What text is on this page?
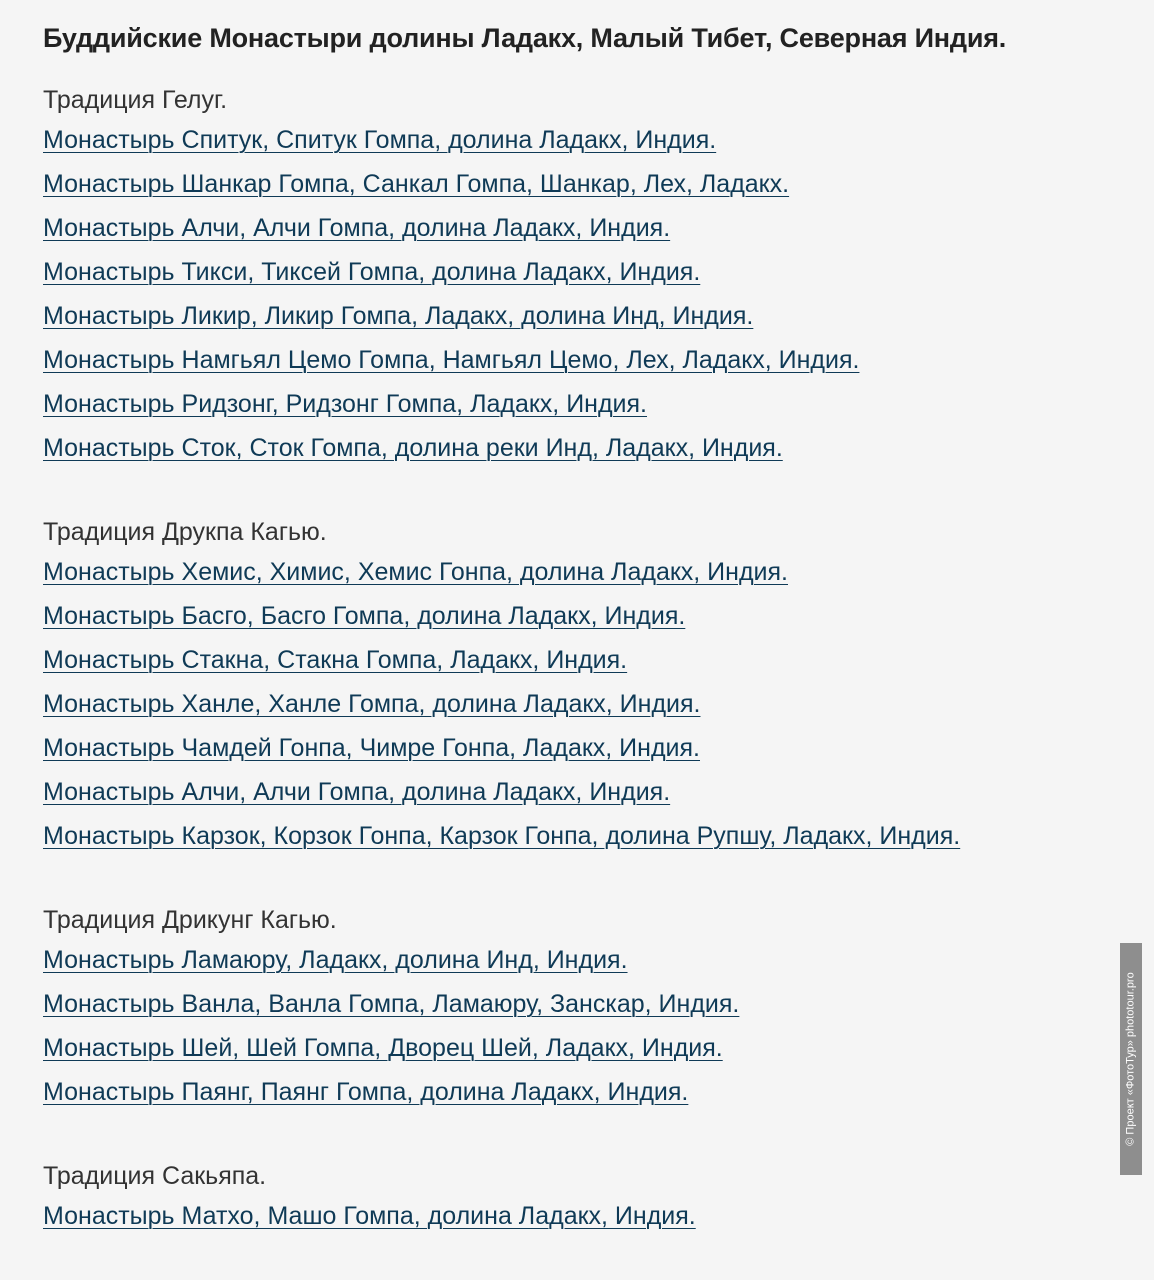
Буддийские Монастыри долины Ладакх, Малый Тибет, Северная Индия.

Традиция Гелуг.

Монастырь Спитук, Спитук Гомпа, долина Ладакх, Индия.
Монастырь Шанкар Гомпа, Санкал Гомпа, Шанкар, Лех, Ладакх.
Монастырь Алчи, Алчи Гомпа, долина Ладакх, Индия.
Монастырь Тикси, Тиксей Гомпа, долина Ладакх, Индия.
Монастырь Ликир, Ликир Гомпа, Ладакх, долина Инд, Индия.
Монастырь Намгьял Цемо Гомпа, Намгьял Цемо, Лех, Ладакх, Индия.
Монастырь Ридзонг, Ридзонг Гомпа, Ладакх, Индия.
Монастырь Сток, Сток Гомпа, долина реки Инд, Ладакх, Индия.

Традиция Друкпа Кагью.

Монастырь Хемис, Химис, Хемис Гонпа, долина Ладакх, Индия.
Монастырь Басго, Басго Гомпа, долина Ладакх, Индия.
Монастырь Стакна, Стакна Гомпа, Ладакх, Индия.
Монастырь Ханле, Ханле Гомпа, долина Ладакх, Индия.
Монастырь Чамдей Гонпа, Чимре Гонпа, Ладакх, Индия.
Монастырь Алчи, Алчи Гомпа, долина Ладакх, Индия.
Монастырь Карзок, Корзок Гонпа, Карзок Гонпа, долина Рупшу, Ладакх, Индия.

Традиция Дрикунг Кагью.

Монастырь Ламаюру, Ладакх, долина Инд, Индия.
Монастырь Ванла, Ванла Гомпа, Ламаюру, Занскар, Индия.
Монастырь Шей, Шей Гомпа, Дворец Шей, Ладакх, Индия.
Монастырь Паянг, Паянг Гомпа, долина Ладакх, Индия.

Традиция Сакьяпа.

Монастырь Матхо, Машо Гомпа, долина Ладакх, Индия.
© Проект «ФотоТур» phototour.pro
